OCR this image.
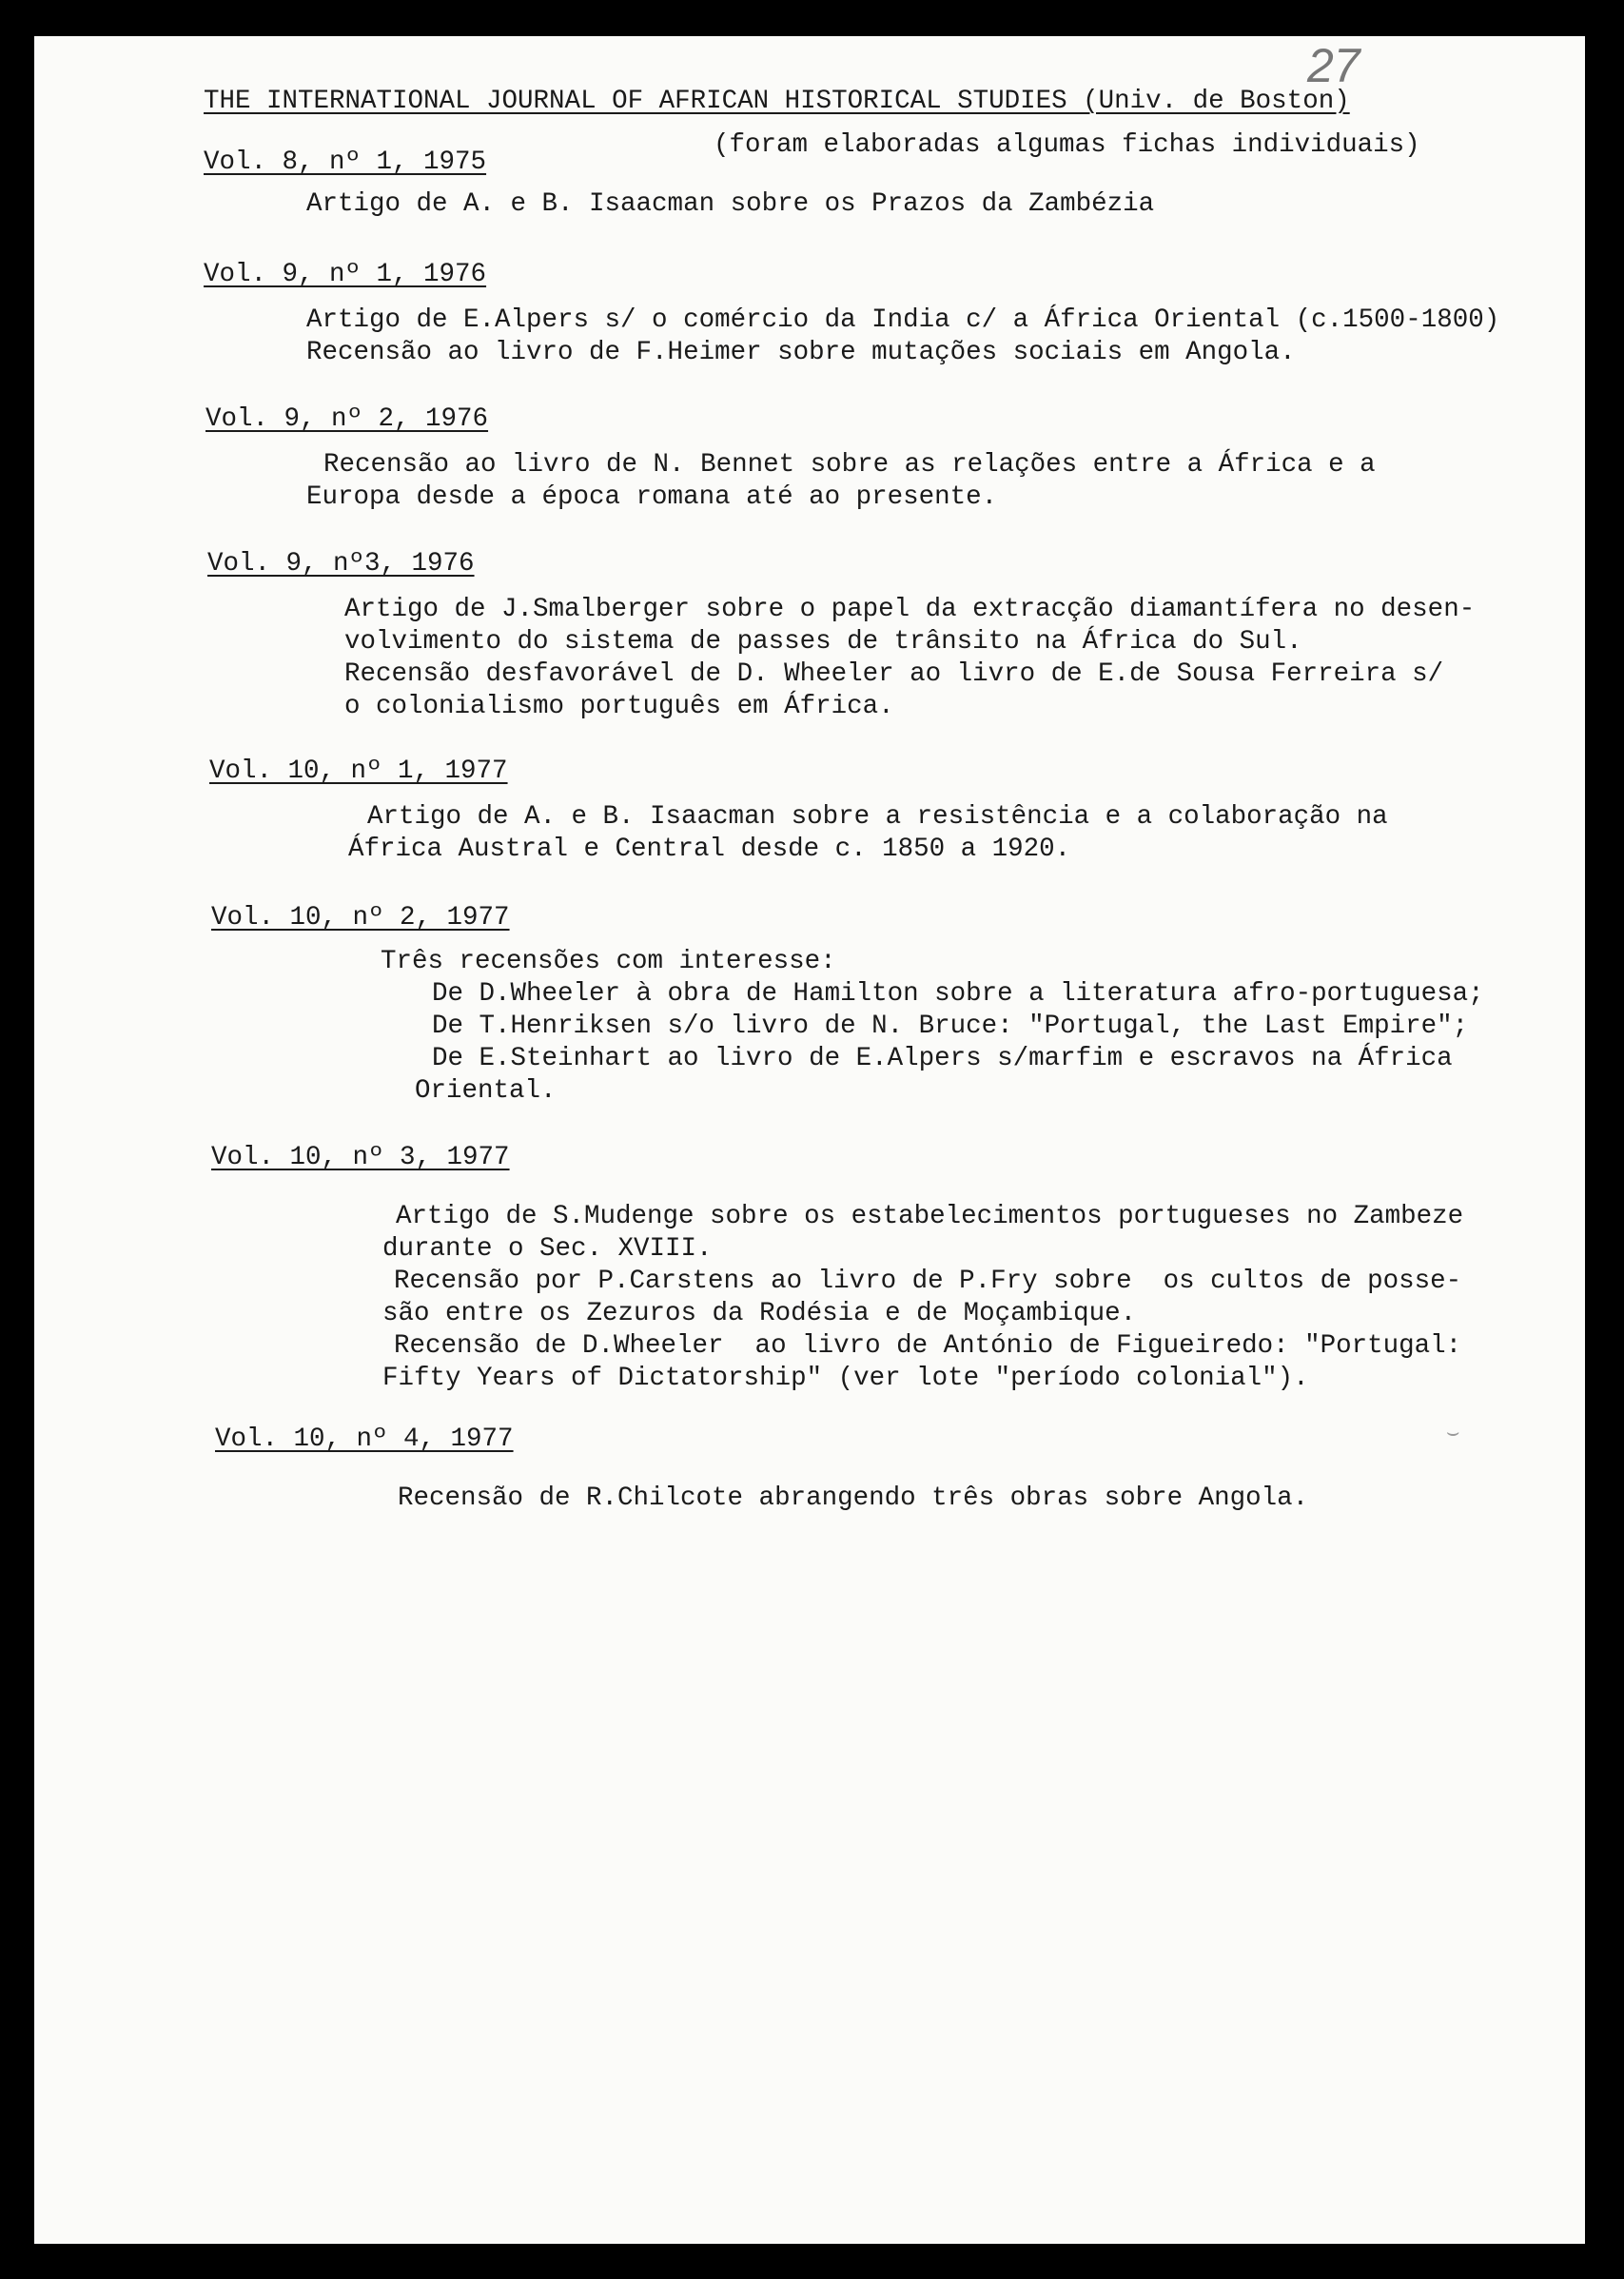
27
THE INTERNATIONAL JOURNAL OF AFRICAN HISTORICAL STUDIES (Univ. de Boston)
Vol. 8, nº 1, 1975
(foram elaboradas algumas fichas individuais)
Artigo de A. e B. Isaacman sobre os Prazos da Zambézia
Vol. 9, nº 1, 1976
Artigo de E.Alpers s/ o comércio da India c/ a África Oriental (c.1500-1800)
Recensão ao livro de F.Heimer sobre mutações sociais em Angola.
Vol. 9, nº 2, 1976
Recensão ao livro de N. Bennet sobre as relações entre a África e a
Europa desde a época romana até ao presente.
Vol. 9, nº3, 1976
Artigo de J.Smalberger sobre o papel da extracção diamantífera no desen-
volvimento do sistema de passes de trânsito na África do Sul.
Recensão desfavorável de D. Wheeler ao livro de E.de Sousa Ferreira s/
o colonialismo português em África.
Vol. 10, nº 1, 1977
Artigo de A. e B. Isaacman sobre a resistência e a colaboração na
África Austral e Central desde c. 1850 a 1920.
Vol. 10, nº 2, 1977
Três recensões com interesse:
De D.Wheeler à obra de Hamilton sobre a literatura afro-portuguesa;
De T.Henriksen s/o livro de N. Bruce: "Portugal, the Last Empire";
De E.Steinhart ao livro de E.Alpers s/marfim e escravos na África
Oriental.
Vol. 10, nº 3, 1977
Artigo de S.Mudenge sobre os estabelecimentos portugueses no Zambeze
durante o Sec. XVIII.
Recensão por P.Carstens ao livro de P.Fry sobre  os cultos de posse-
são entre os Zezuros da Rodésia e de Moçambique.
Recensão de D.Wheeler  ao livro de António de Figueiredo: "Portugal:
Fifty Years of Dictatorship" (ver lote "período colonial").
Vol. 10, nº 4, 1977
Recensão de R.Chilcote abrangendo três obras sobre Angola.
⌣
